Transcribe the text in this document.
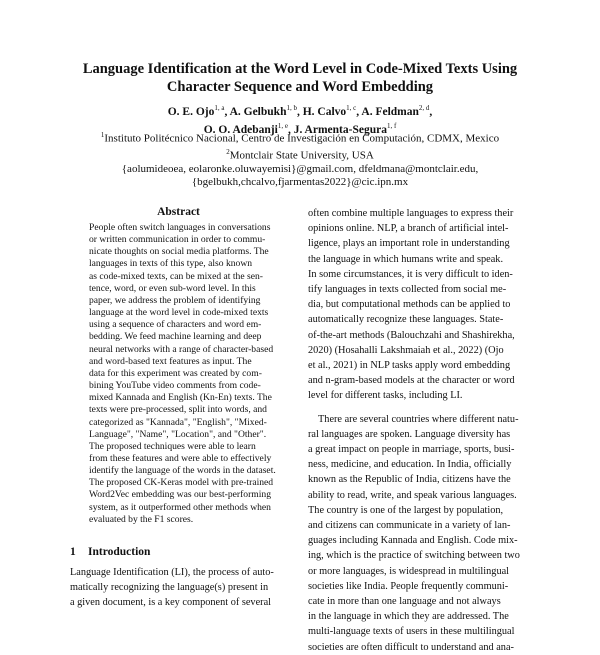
Language Identification at the Word Level in Code-Mixed Texts Using
Character Sequence and Word Embedding
O. E. Ojo$^{1, a}$, A. Gelbukh$^{1, b}$, H. Calvo$^{1, c}$, A. Feldman$^{2, d}$,
O. O. Adebanji$^{1, e}$, J. Armenta-Segura$^{1, f}$
$^1$Instituto Politécnico Nacional, Centro de Investigación en Computación, CDMX, Mexico
$^2$Montclair State University, USA
{aolumideoea, eolaronke.oluwayemisi}@gmail.com, dfeldmana@montclair.edu,
{bgelbukh,chcalvo,fjarmentas2022}@cic.ipn.mx
Abstract
People often switch languages in conversations
or written communication in order to commu-
nicate thoughts on social media platforms. The
languages in texts of this type, also known
as code-mixed texts, can be mixed at the sen-
tence, word, or even sub-word level. In this
paper, we address the problem of identifying
language at the word level in code-mixed texts
using a sequence of characters and word em-
bedding. We feed machine learning and deep
neural networks with a range of character-based
and word-based text features as input. The
data for this experiment was created by com-
bining YouTube video comments from code-
mixed Kannada and English (Kn-En) texts. The
texts were pre-processed, split into words, and
categorized as "Kannada", "English", "Mixed-
Language", "Name", "Location", and "Other".
The proposed techniques were able to learn
from these features and were able to effectively
identify the language of the words in the dataset.
The proposed CK-Keras model with pre-trained
Word2Vec embedding was our best-performing
system, as it outperformed other methods when
evaluated by the F1 scores.
1 Introduction
Language Identification (LI), the process of auto-
matically recognizing the language(s) present in
a given document, is a key component of several
often combine multiple languages to express their
opinions online. NLP, a branch of artificial intel-
ligence, plays an important role in understanding
the language in which humans write and speak.
In some circumstances, it is very difficult to iden-
tify languages in texts collected from social me-
dia, but computational methods can be applied to
automatically recognize these languages. State-
of-the-art methods (Balouchzahi and Shashirekha,
2020) (Hosahalli Lakshmaiah et al., 2022) (Ojo
et al., 2021) in NLP tasks apply word embedding
and n-gram-based models at the character or word
level for different tasks, including LI.
There are several countries where different natu-
ral languages are spoken. Language diversity has
a great impact on people in marriage, sports, busi-
ness, medicine, and education. In India, officially
known as the Republic of India, citizens have the
ability to read, write, and speak various languages.
The country is one of the largest by population,
and citizens can communicate in a variety of lan-
guages including Kannada and English. Code mix-
ing, which is the practice of switching between two
or more languages, is widespread in multilingual
societies like India. People frequently communi-
cate in more than one language and not always
in the language in which they are addressed. The
multi-language texts of users in these multilingual
societies are often difficult to understand and ana-
